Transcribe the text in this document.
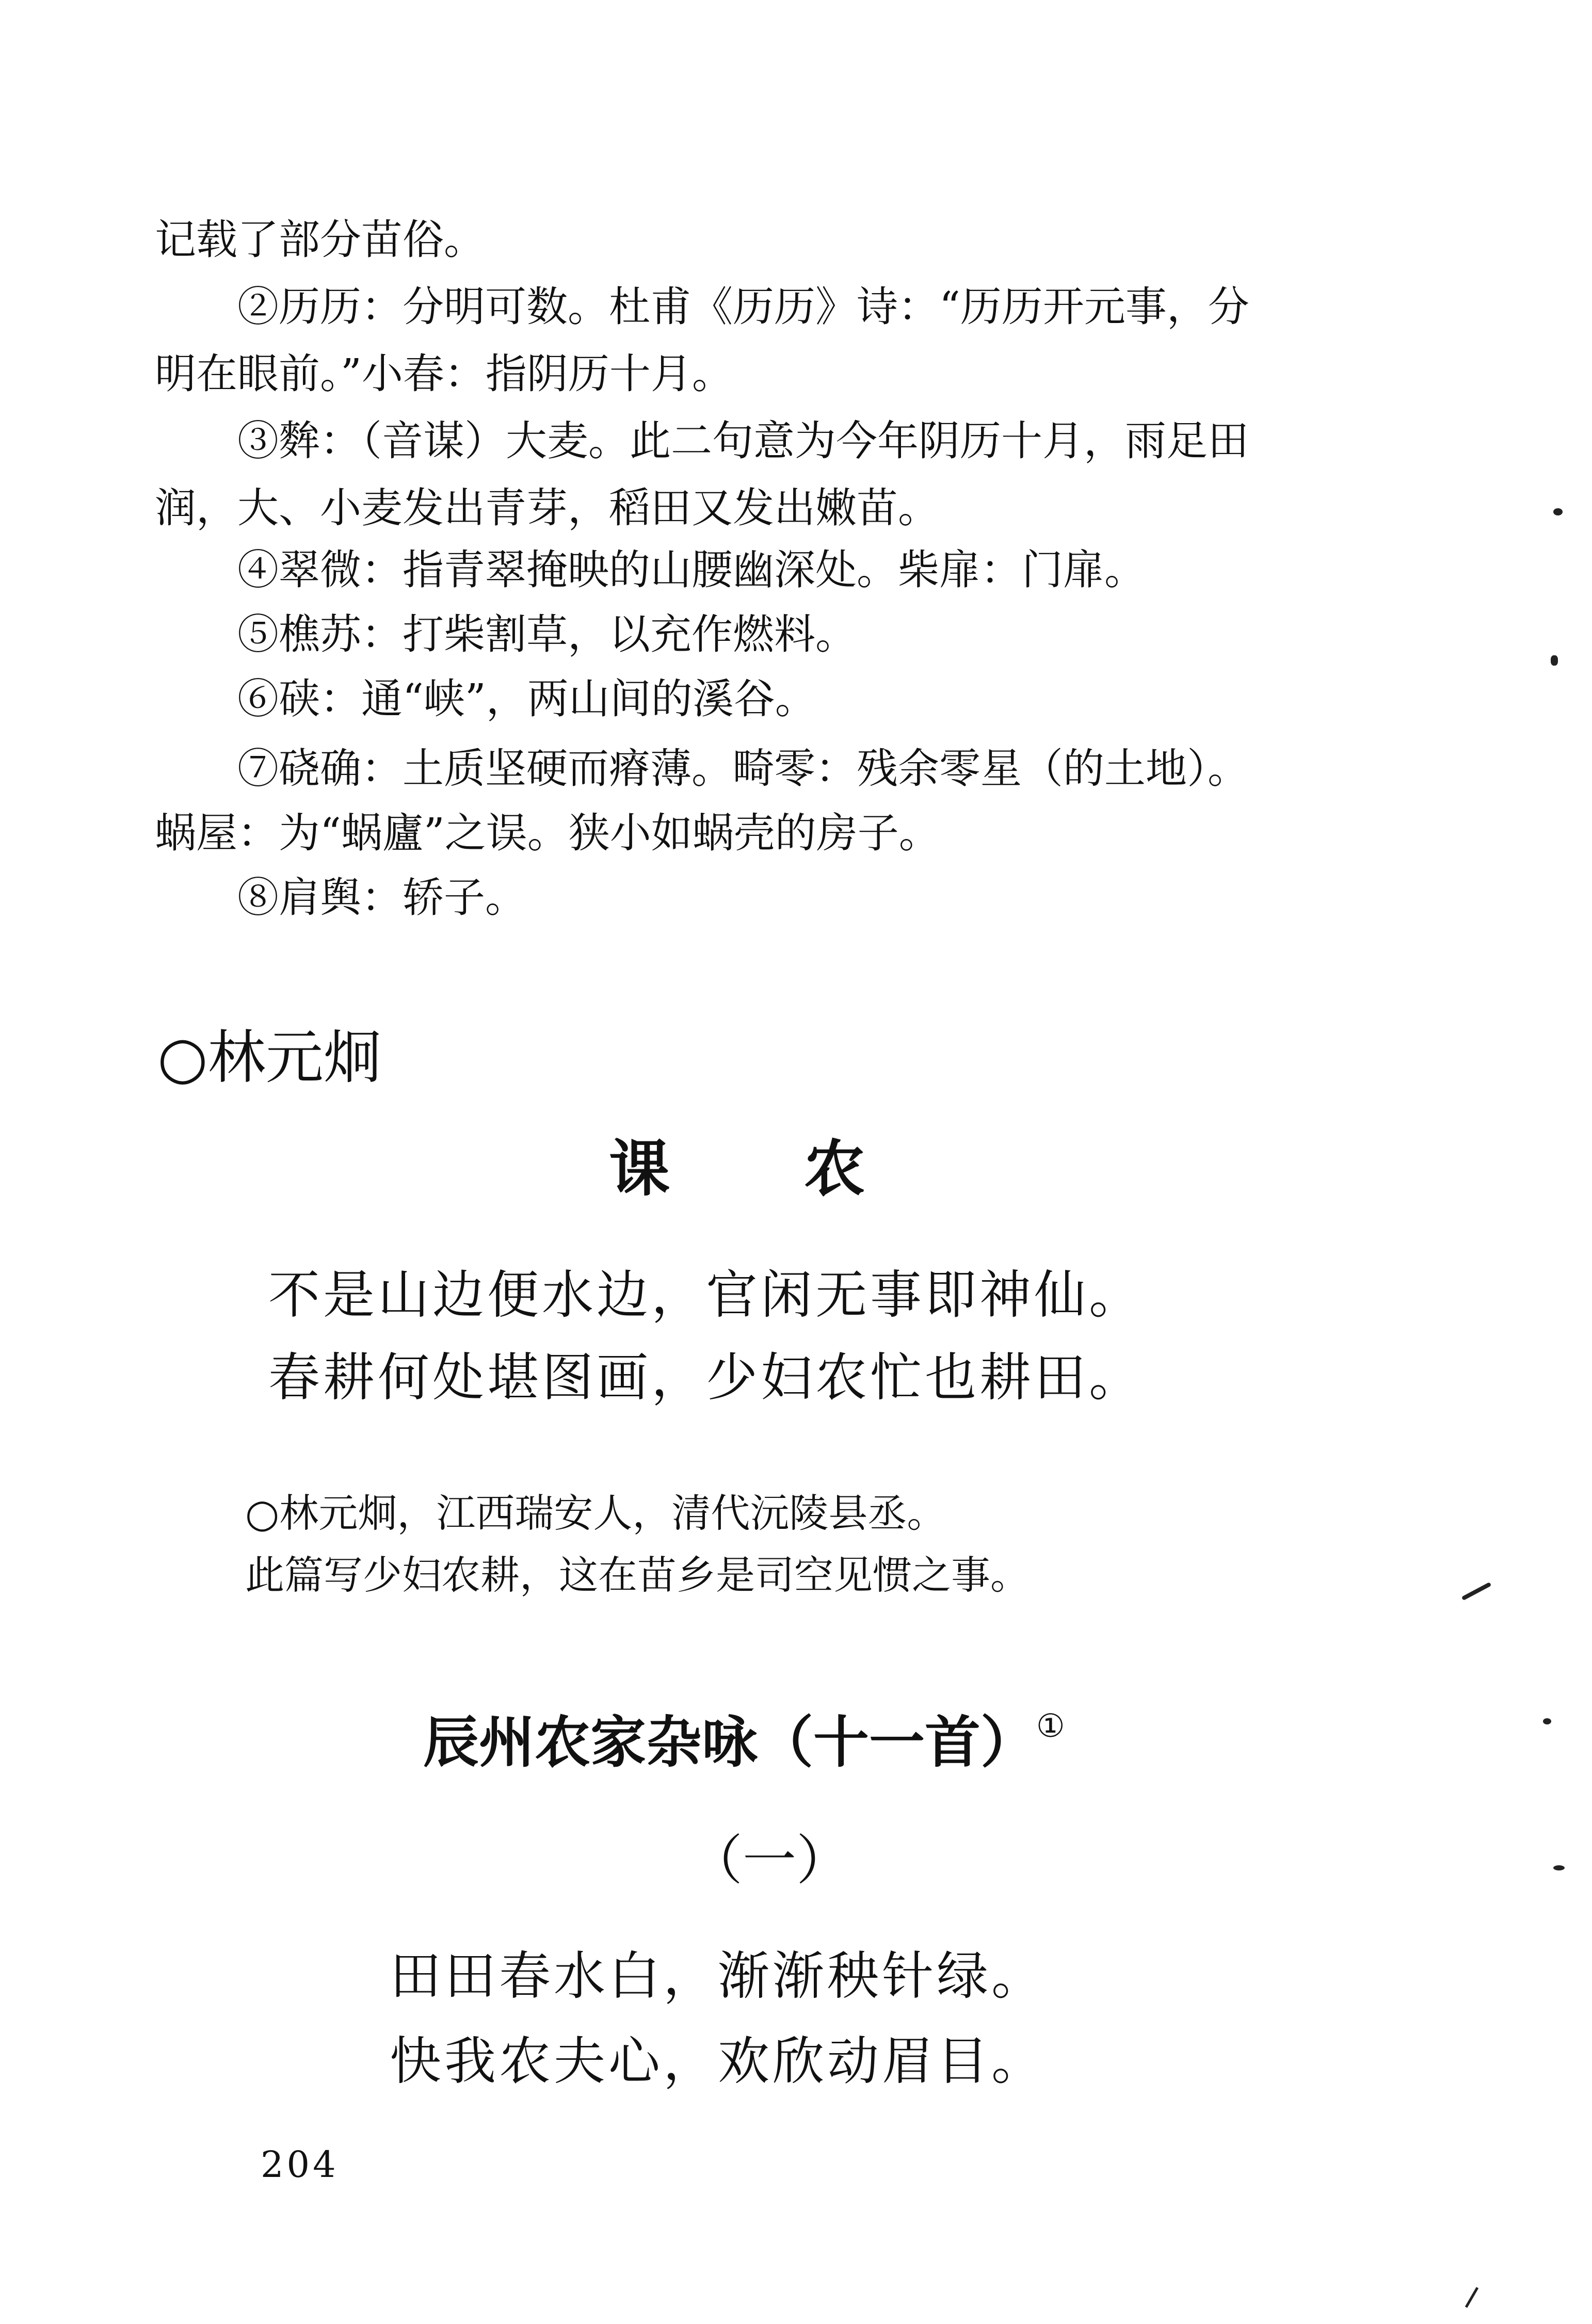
记载了部分苗俗。
②历历：分明可数。杜甫《历历》诗：“历历开元事，分
明在眼前。”小春：指阴历十月。
③麰：（音谋）大麦。此二句意为今年阴历十月，雨足田
润，大、小麦发出青芽，稻田又发出嫩苗。
④翠微：指青翠掩映的山腰幽深处。柴扉：门扉。
⑤樵苏：打柴割草，以充作燃料。
⑥硖：通“峡”，两山间的溪谷。
⑦硗确：土质坚硬而瘠薄。畸零：残余零星（的土地）。
蜗屋：为“蜗廬”之误。狭小如蜗壳的房子。
⑧肩舆：轿子。
○林元炯
课农
不是山边便水边，官闲无事即神仙。
春耕何处堪图画，少妇农忙也耕田。
○林元炯，江西瑞安人，清代沅陵县丞。
此篇写少妇农耕，这在苗乡是司空见惯之事。
辰州农家杂咏（十一首）①
（一）
田田春水白，渐渐秧针绿。
快我农夫心，欢欣动眉目。
204
